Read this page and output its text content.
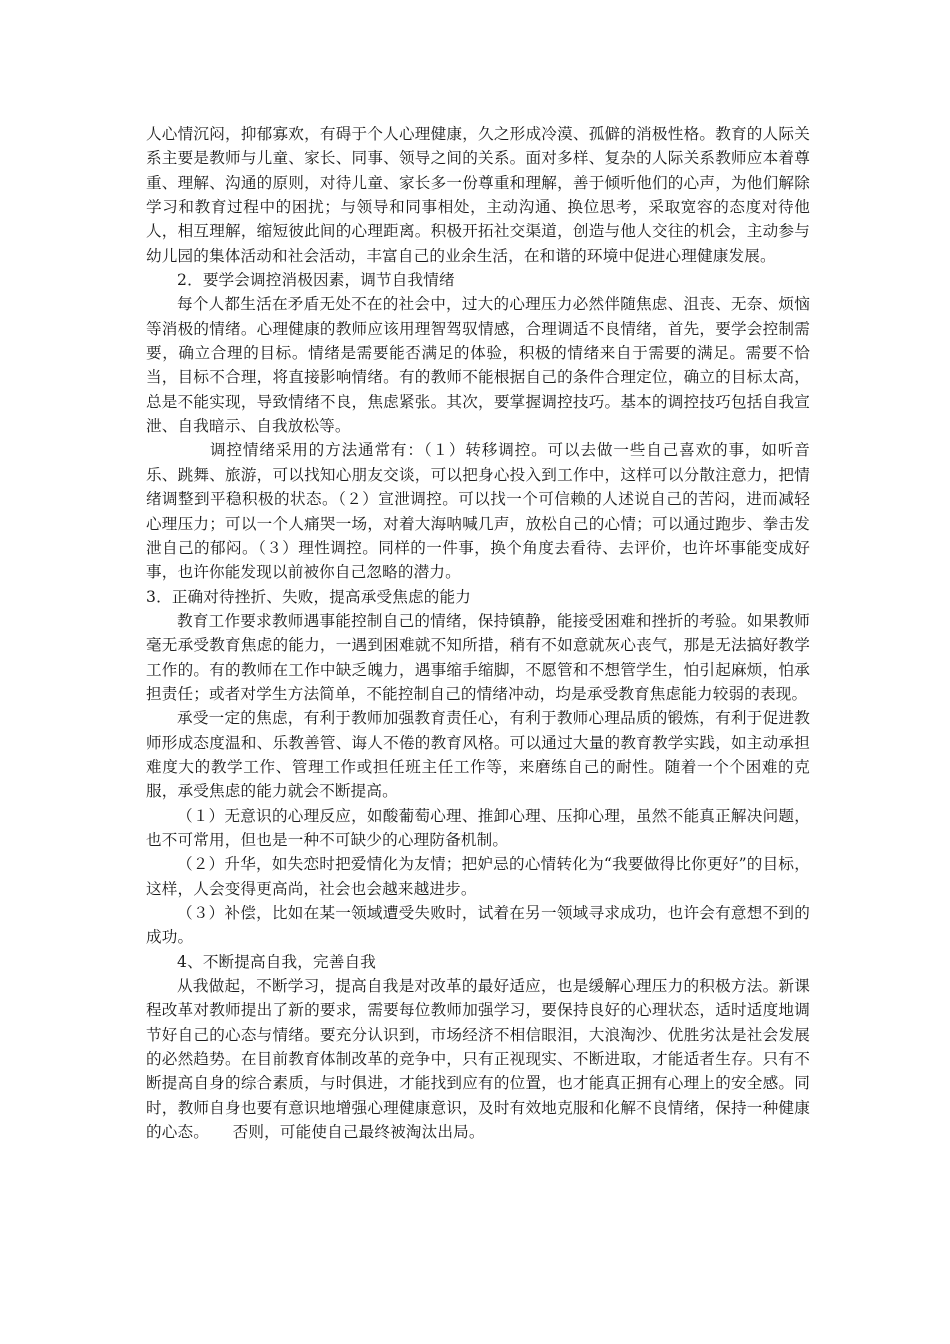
人心情沉闷，抑郁寡欢，有碍于个人心理健康，久之形成冷漠、孤僻的消极性格。教育的人际关系主要是教师与儿童、家长、同事、领导之间的关系。面对多样、复杂的人际关系教师应本着尊重、理解、沟通的原则，对待儿童、家长多一份尊重和理解，善于倾听他们的心声，为他们解除学习和教育过程中的困扰；与领导和同事相处，主动沟通、换位思考，采取宽容的态度对待他人，相互理解，缩短彼此间的心理距离。积极开拓社交渠道，创造与他人交往的机会，主动参与幼儿园的集体活动和社会活动，丰富自己的业余生活，在和谐的环境中促进心理健康发展。

2．要学会调控消极因素，调节自我情绪

每个人都生活在矛盾无处不在的社会中，过大的心理压力必然伴随焦虑、沮丧、无奈、烦恼等消极的情绪。心理健康的教师应该用理智驾驭情感，合理调适不良情绪，首先，要学会控制需要，确立合理的目标。情绪是需要能否满足的体验，积极的情绪来自于需要的满足。需要不恰当，目标不合理，将直接影响情绪。有的教师不能根据自己的条件合理定位，确立的目标太高，总是不能实现，导致情绪不良，焦虑紧张。其次，要掌握调控技巧。基本的调控技巧包括自我宣泄、自我暗示、自我放松等。

调控情绪采用的方法通常有：（１）转移调控。可以去做一些自己喜欢的事，如听音乐、跳舞、旅游，可以找知心朋友交谈，可以把身心投入到工作中，这样可以分散注意力，把情绪调整到平稳积极的状态。（２）宣泄调控。可以找一个可信赖的人述说自己的苦闷，进而减轻心理压力；可以一个人痛哭一场，对着大海呐喊几声，放松自己的心情；可以通过跑步、拳击发泄自己的郁闷。（３）理性调控。同样的一件事，换个角度去看待、去评价，也许坏事能变成好事，也许你能发现以前被你自己忽略的潜力。

3．正确对待挫折、失败，提高承受焦虑的能力

教育工作要求教师遇事能控制自己的情绪，保持镇静，能接受困难和挫折的考验。如果教师毫无承受教育焦虑的能力，一遇到困难就不知所措，稍有不如意就灰心丧气，那是无法搞好教学工作的。有的教师在工作中缺乏魄力，遇事缩手缩脚，不愿管和不想管学生，怕引起麻烦，怕承担责任；或者对学生方法简单，不能控制自己的情绪冲动，均是承受教育焦虑能力较弱的表现。

承受一定的焦虑，有利于教师加强教育责任心，有利于教师心理品质的锻炼，有利于促进教师形成态度温和、乐教善管、诲人不倦的教育风格。可以通过大量的教育教学实践，如主动承担难度大的教学工作、管理工作或担任班主任工作等，来磨练自己的耐性。随着一个个困难的克服，承受焦虑的能力就会不断提高。

（１）无意识的心理反应，如酸葡萄心理、推卸心理、压抑心理，虽然不能真正解决问题，也不可常用，但也是一种不可缺少的心理防备机制。

（２）升华，如失恋时把爱情化为友情；把妒忌的心情转化为“我要做得比你更好”的目标，这样，人会变得更高尚，社会也会越来越进步。

（３）补偿，比如在某一领域遭受失败时，试着在另一领域寻求成功，也许会有意想不到的成功。

4、不断提高自我，完善自我

从我做起，不断学习，提高自我是对改革的最好适应，也是缓解心理压力的积极方法。新课程改革对教师提出了新的要求，需要每位教师加强学习，要保持良好的心理状态，适时适度地调节好自己的心态与情绪。要充分认识到，市场经济不相信眼泪，大浪淘沙、优胜劣汰是社会发展的必然趋势。在目前教育体制改革的竞争中，只有正视现实、不断进取，才能适者生存。只有不断提高自身的综合素质，与时俱进，才能找到应有的位置，也才能真正拥有心理上的安全感。同时，教师自身也要有意识地增强心理健康意识，及时有效地克服和化解不良情绪，保持一种健康的心态。　　否则，可能使自己最终被淘汰出局。
